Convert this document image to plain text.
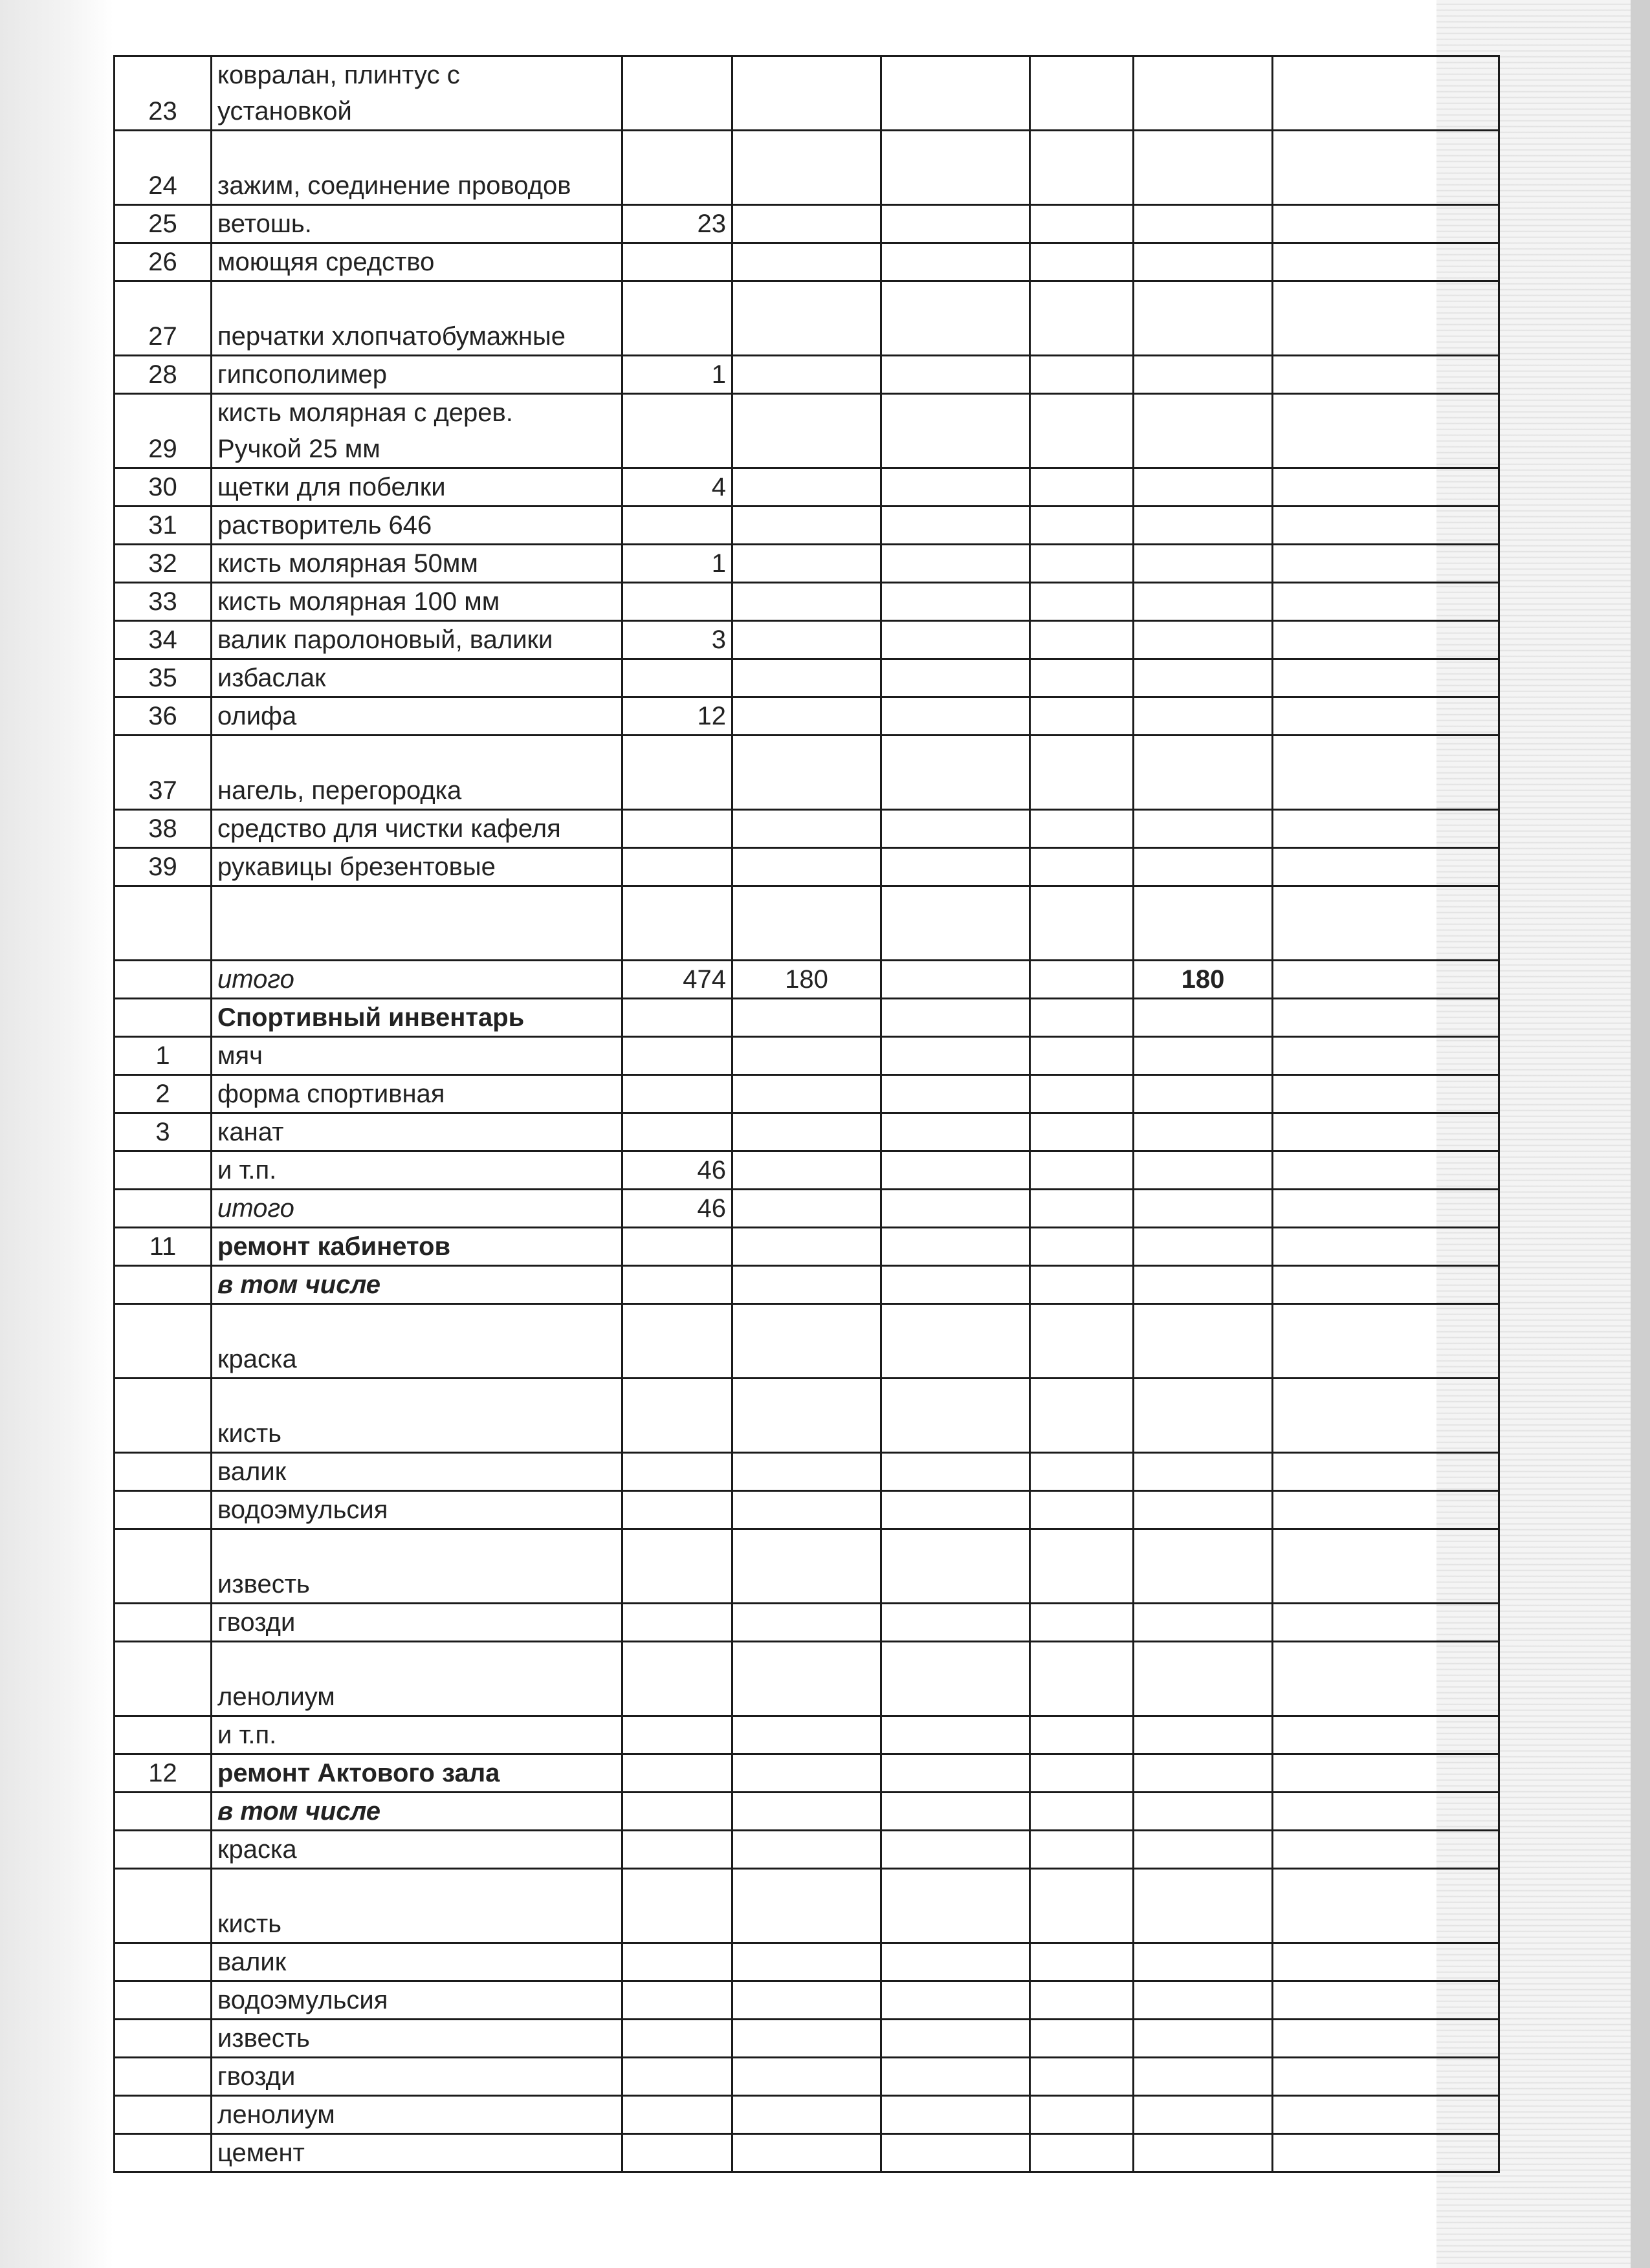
23	ковралан, плинтус с
установкой						
24	зажим, соединение проводов						
25	ветошь.	23					
26	моющяя средство						
27	перчатки хлопчатобумажные						
28	гипсополимер	1					
29	кисть молярная с дерев.
Ручкой 25 мм						
30	щетки для побелки	4					
31	растворитель 646						
32	кисть молярная 50мм	1					
33	кисть молярная 100 мм						
34	валик паролоновый, валики	3					
35	избаслак						
36	олифа	12					
37	нагель, перегородка						
38	средство для чистки кафеля						
39	рукавицы брезентовые						

	итого	474	180			180	
	Спортивный инвентарь						
1	мяч						
2	форма спортивная						
3	канат						
	и т.п.	46					
	итого	46					
11	ремонт кабинетов						
	в том числе						
	краска						
	кисть						
	валик						
	водоэмульсия						
	известь						
	гвозди						
	ленолиум						
	и т.п.						
12	ремонт Актового зала						
	в том числе						
	краска						
	кисть						
	валик						
	водоэмульсия						
	известь						
	гвозди						
	ленолиум						
	цемент						
